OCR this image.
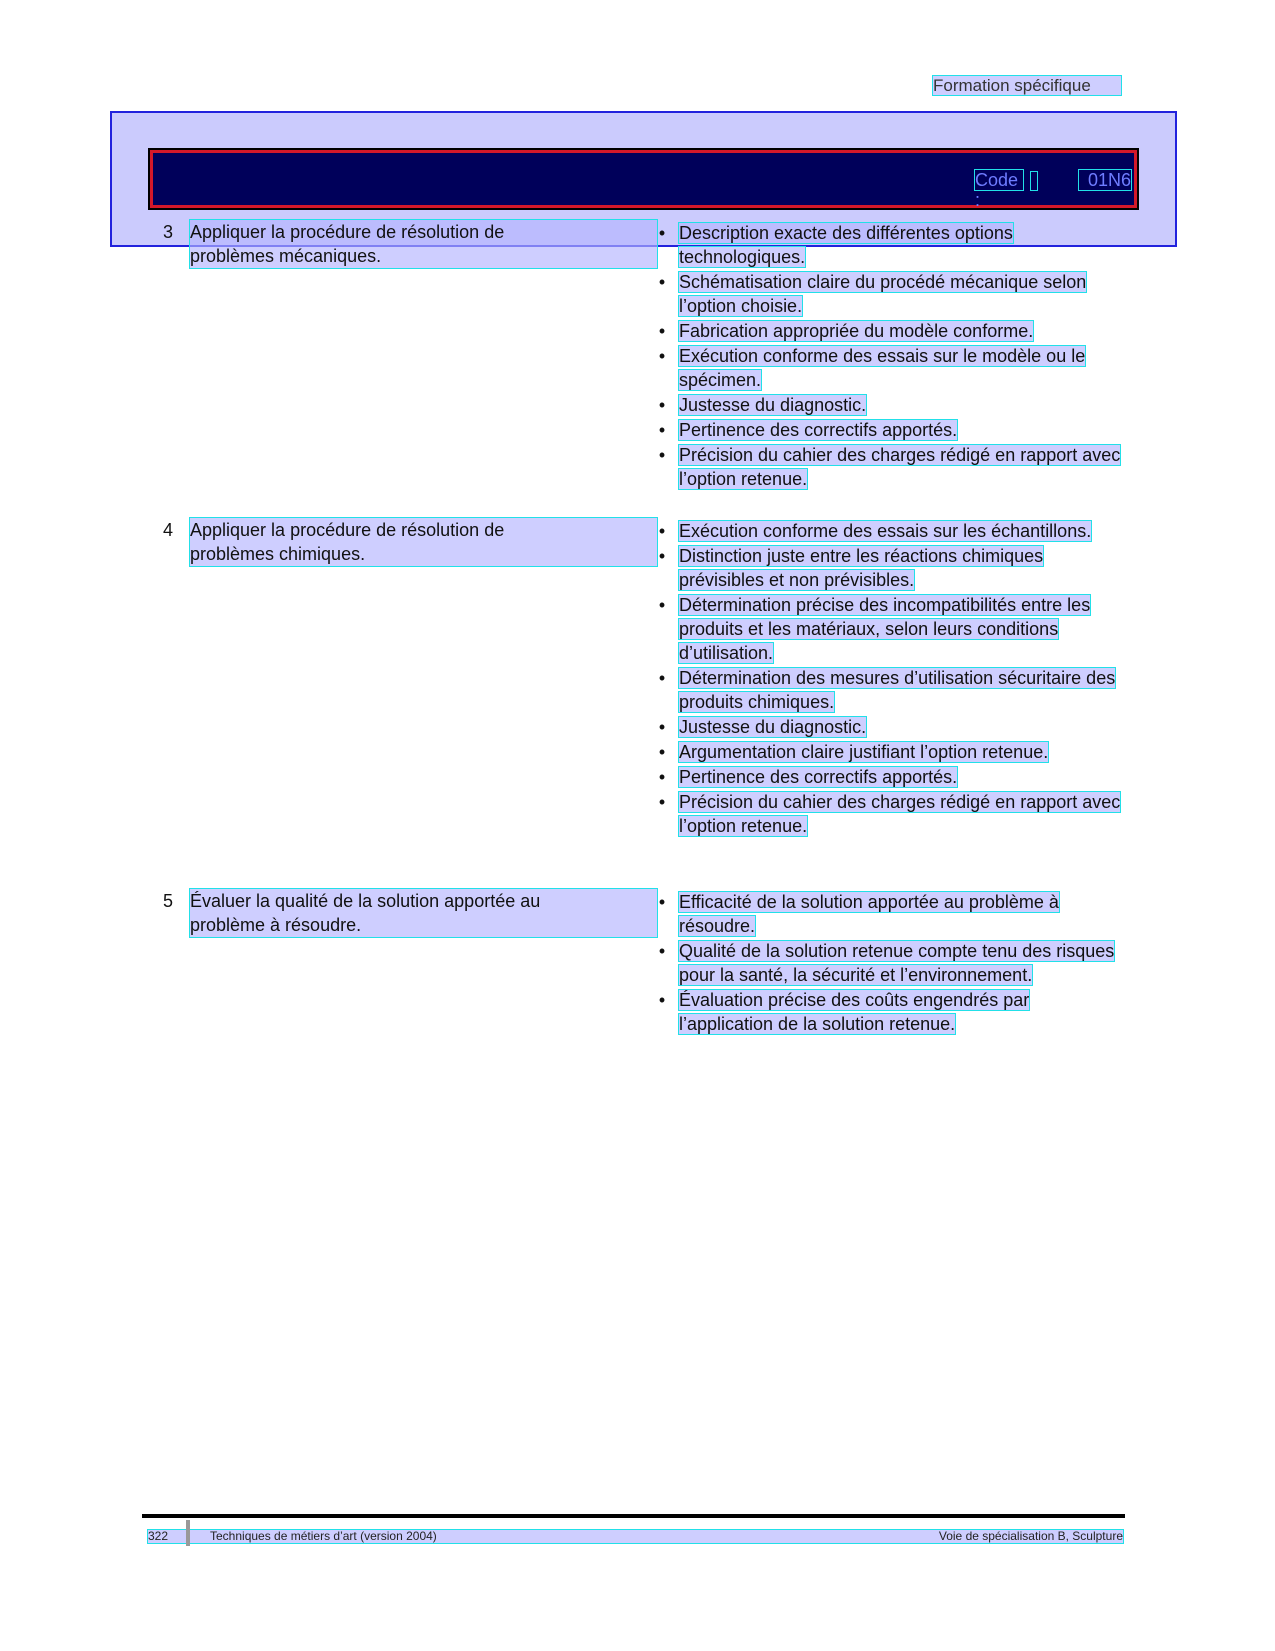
Formation spécifique
Code :
01N6
3 Appliquer la procédure de résolution de
problèmes mécaniques.
• Description exacte des différentes options technologiques.
• Schématisation claire du procédé mécanique selon l’option choisie.
• Fabrication appropriée du modèle conforme.
• Exécution conforme des essais sur le modèle ou le spécimen.
• Justesse du diagnostic.
• Pertinence des correctifs apportés.
• Précision du cahier des charges rédigé en rapport avec l’option retenue.
4 Appliquer la procédure de résolution de
problèmes chimiques.
• Exécution conforme des essais sur les échantillons.
• Distinction juste entre les réactions chimiques prévisibles et non prévisibles.
• Détermination précise des incompatibilités entre les produits et les matériaux, selon leurs conditions d’utilisation.
• Détermination des mesures d’utilisation sécuritaire des produits chimiques.
• Justesse du diagnostic.
• Argumentation claire justifiant l’option retenue.
• Pertinence des correctifs apportés.
• Précision du cahier des charges rédigé en rapport avec l’option retenue.
5 Évaluer la qualité de la solution apportée au
problème à résoudre.
• Efficacité de la solution apportée au problème à résoudre.
• Qualité de la solution retenue compte tenu des risques pour la santé, la sécurité et l’environnement.
• Évaluation précise des coûts engendrés par l’application de la solution retenue.
322	Techniques de métiers d’art (version 2004)	Voie de spécialisation B, Sculpture
